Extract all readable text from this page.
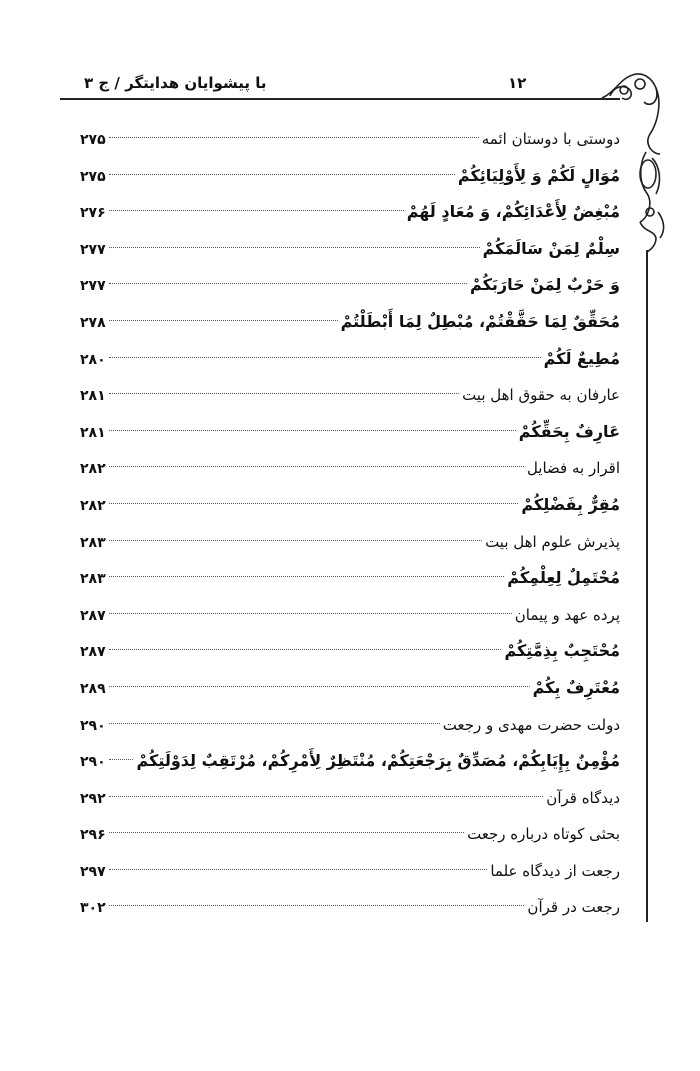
با پیشوایان هدایتگر / ج ۳	۱۲
دوستی با دوستان ائمه
۲۷۵
مُوَالٍ لَكُمْ وَ لِأَوْلِيَائِكُمْ
۲۷۵
مُبْغِضٌ لِأَعْدَائِكُمْ، وَ مُعَادٍ لَهُمْ
۲۷۶
سِلْمٌ لِمَنْ سَالَمَكُمْ
۲۷۷
وَ حَرْبٌ لِمَنْ حَارَبَكُمْ
۲۷۷
مُحَقِّقٌ لِمَا حَقَّقْتُمْ، مُبْطِلٌ لِمَا أَبْطَلْتُمْ
۲۷۸
مُطِيعٌ لَكُمْ
۲۸۰
عارفان به حقوق اهل بیت
۲۸۱
عَارِفٌ بِحَقِّكُمْ
۲۸۱
اقرار به فضایل
۲۸۲
مُقِرٌّ بِفَضْلِكُمْ
۲۸۲
پذیرش علوم اهل بیت
۲۸۳
مُحْتَمِلٌ لِعِلْمِكُمْ
۲۸۳
پرده عهد و پیمان
۲۸۷
مُحْتَجِبٌ بِذِمَّتِكُمْ
۲۸۷
مُعْتَرِفٌ بِكُمْ
۲۸۹
دولت حضرت مهدی و رجعت
۲۹۰
مُؤْمِنٌ بِإِيَابِكُمْ، مُصَدِّقٌ بِرَجْعَتِكُمْ، مُنْتَظِرٌ لِأَمْرِكُمْ، مُرْتَقِبٌ لِدَوْلَتِكُمْ
۲۹۰
دیدگاه قرآن
۲۹۲
بحثی کوتاه درباره رجعت
۲۹۶
رجعت از دیدگاه علما
۲۹۷
رجعت در قرآن
۳۰۲
